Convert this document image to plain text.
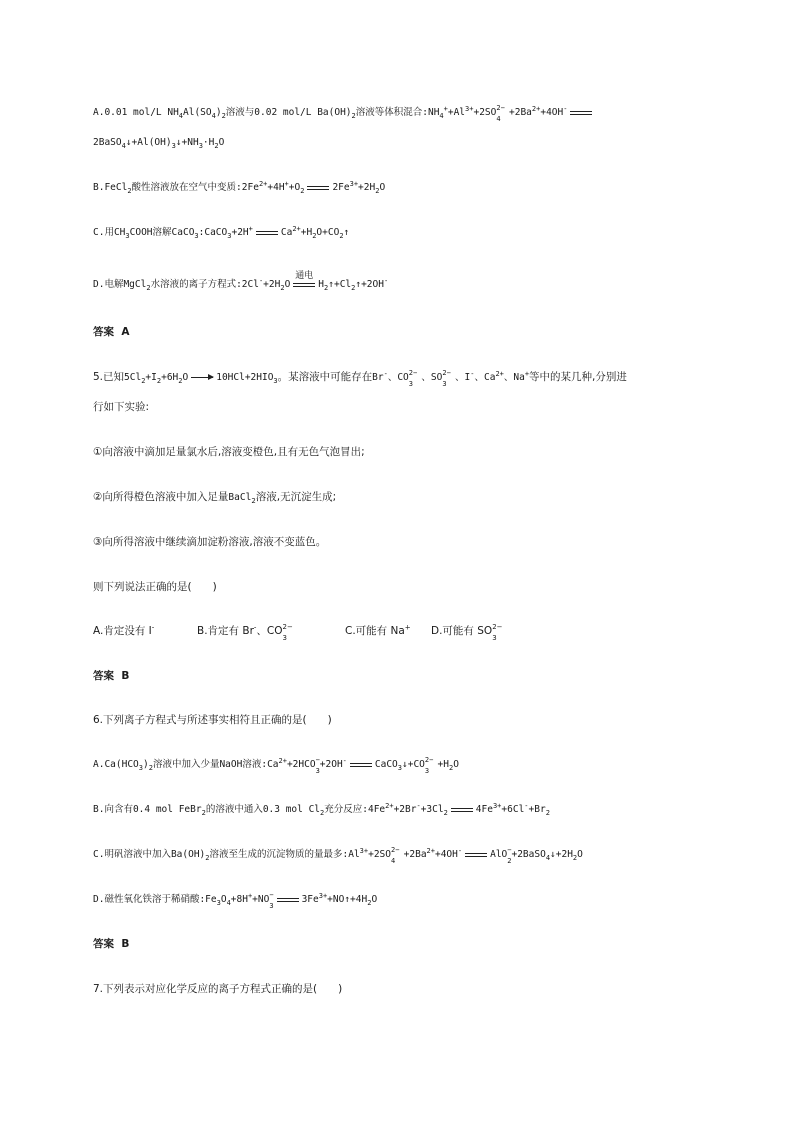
A.0.01 mol/L $NH_4Al(SO_4)_2$溶液与0.02 mol/L $Ba(OH)_2$溶液等体积混合$:NH_4^++Al^{3+}+2SO$ 2−
4
$+2Ba^{2+}+4OH^-$
$2BaSO_4↓+Al(OH)_3↓+NH_3\cdot H_2O$
B.FeCl$_2$酸性溶液放在空气中变质$:2Fe^{2+}+4H^++O_2$	$2Fe^{3+}+2H_2O$
C.用$CH_3COOH$溶解CaCO$_3$:CaCO$_3$+2H+	$Ca^{2+}+H_2O+CO_2↑$
D.电解MgCl$_2$水溶液的离子方程式$:2Cl^-+2H_2O$
通电
$H_2↑+Cl_2↑+2OH^-$
答案 A
5.已知$5Cl_2+I_2+6H_2O \to 10HCl+2HIO_3$。某溶液中可能存在Br-、CO 2−
3
、SO 2−
3
、I-、$Ca^{2+}$、Na+等中的某几种,分别进
行如下实验:
①向溶液中滴加足量氯水后,溶液变橙色,且有无色气泡冒出;
②向所得橙色溶液中加入足量BaCl$_2$溶液,无沉淀生成;
③向所得溶液中继续滴加淀粉溶液,溶液不变蓝色。
则下列说法正确的是(　　)
A.肯定没有 I-	B.肯定有 Br-、CO 2−
3
C.可能有 Na+ D.可能有 SO 2−
3

答案 B
6.下列离子方程式与所述事实相符且正确的是(　　)
$A.Ca(HCO_3)_2$溶液中加入少量NaOH溶液$:Ca^{2+}+2HCO$ −
3
+2OH-	CaCO$_3$↓+CO 2−
3
$+H_2O$
B.向含有0.4 mol FeBr$_2$的溶液中通入0.3 mol $Cl_2$充分反应$:4Fe^{2+}+2Br^-+3Cl_2$	$4Fe^{3+}+6Cl^-+Br_2$
C.明矾溶液中加入$Ba(OH)_2$溶液至生成的沉淀物质的量最多$:Al^{3+}+2SO$ 2−
4
$+2Ba^{2+}+4OH^-$	AlO −
2
$+2BaSO_4↓+2H_2O$
D.磁性氧化铁溶于稀硝酸$:Fe_3O_4+8H^++NO$ −
3
$3Fe^{3+}+NO↑+4H_2O$
答案 B
7.下列表示对应化学反应的离子方程式正确的是(　　)
